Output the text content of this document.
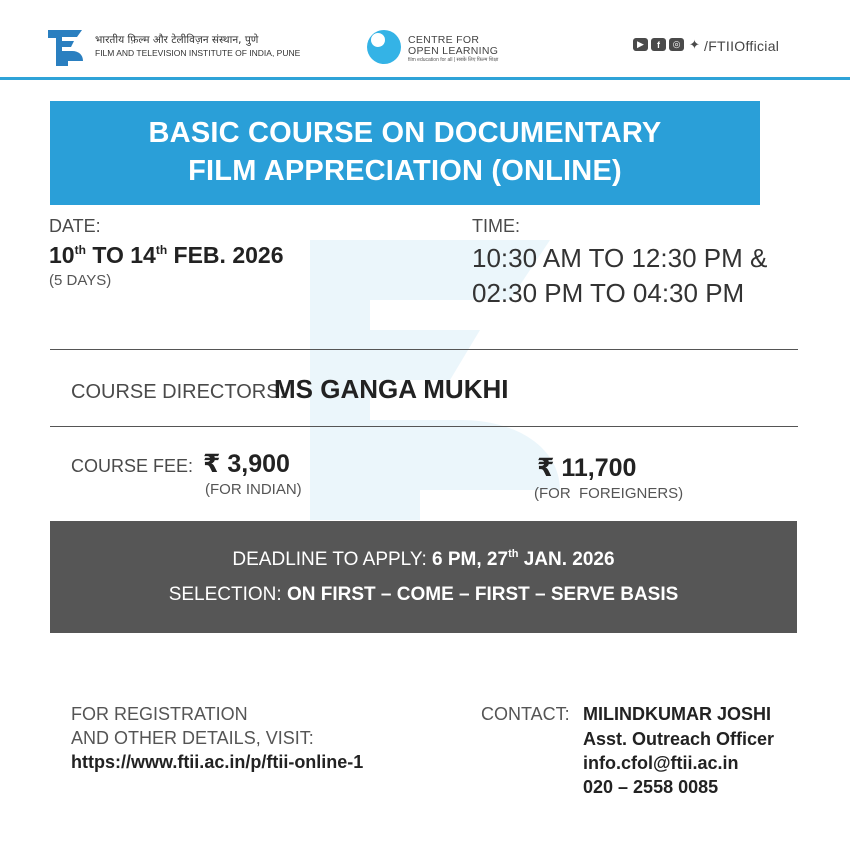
भारतीय फ़िल्म और टेलीविज़न संस्थान, पुणे
FILM AND TELEVISION INSTITUTE OF INDIA, PUNE
CENTRE FOR
OPEN LEARNING
film education for all | सबके लिए फ़िल्म शिक्षा
▶	f	◎ ✦ /FTIIOfficial
BASIC COURSE ON DOCUMENTARY
FILM APPRECIATION (ONLINE)
DATE:
10th TO 14th FEB. 2026
(5 DAYS)
TIME:
10:30 AM TO 12:30 PM &
02:30 PM TO 04:30 PM
COURSE DIRECTORS:
MS GANGA MUKHI
COURSE FEE: ₹ 3,900
(FOR INDIAN)
₹ 11,700
(FOR  FOREIGNERS)
DEADLINE TO APPLY: 6 PM, 27th JAN. 2026
SELECTION: ON FIRST – COME – FIRST – SERVE BASIS
FOR REGISTRATION
AND OTHER DETAILS, VISIT:
https://www.ftii.ac.in/p/ftii-online-1
CONTACT: MILINDKUMAR JOSHI
Asst. Outreach Officer
info.cfol@ftii.ac.in
020 – 2558 0085
